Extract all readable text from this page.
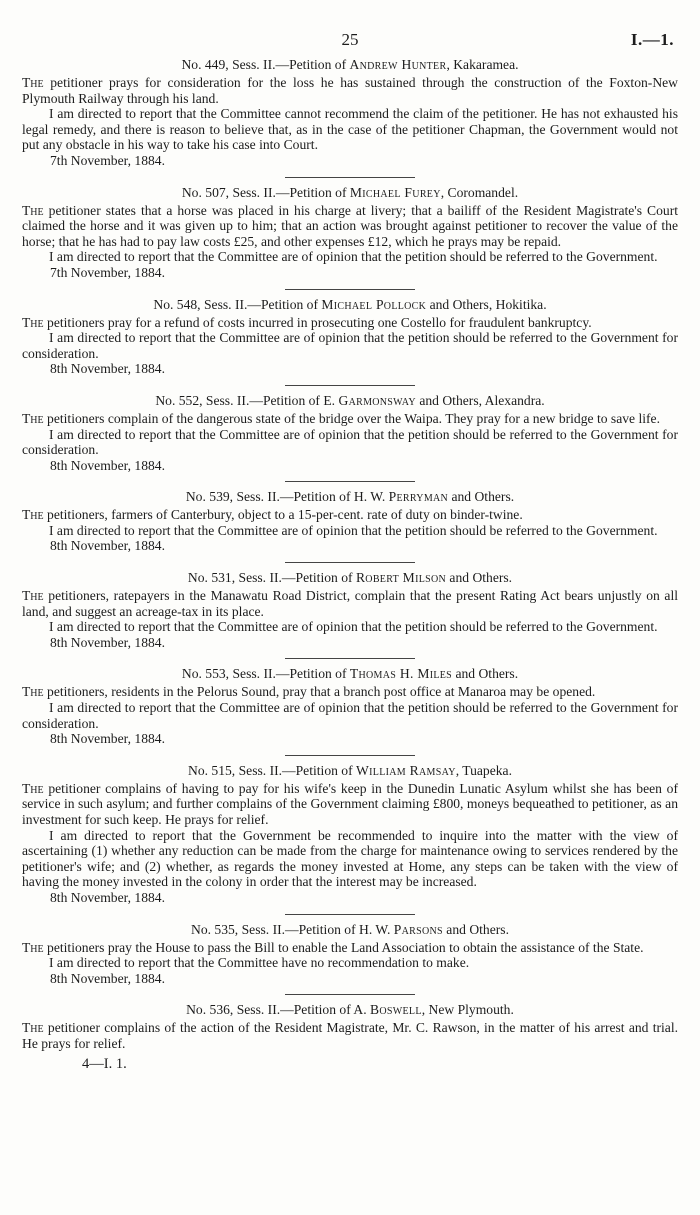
25	I.—1.
No. 449, Sess. II.—Petition of Andrew Hunter, Kakaramea.

The petitioner prays for consideration for the loss he has sustained through the construction of the Foxton-New Plymouth Railway through his land.

I am directed to report that the Committee cannot recommend the claim of the petitioner. He has not exhausted his legal remedy, and there is reason to believe that, as in the case of the petitioner Chapman, the Government would not put any obstacle in his way to take his case into Court.

7th November, 1884.

No. 507, Sess. II.—Petition of Michael Furey, Coromandel.

The petitioner states that a horse was placed in his charge at livery; that a bailiff of the Resident Magistrate's Court claimed the horse and it was given up to him; that an action was brought against petitioner to recover the value of the horse; that he has had to pay law costs £25, and other expenses £12, which he prays may be repaid.

I am directed to report that the Committee are of opinion that the petition should be referred to the Government.

7th November, 1884.

No. 548, Sess. II.—Petition of Michael Pollock and Others, Hokitika.

The petitioners pray for a refund of costs incurred in prosecuting one Costello for fraudulent bankruptcy.

I am directed to report that the Committee are of opinion that the petition should be referred to the Government for consideration.

8th November, 1884.

No. 552, Sess. II.—Petition of E. Garmonsway and Others, Alexandra.

The petitioners complain of the dangerous state of the bridge over the Waipa. They pray for a new bridge to save life.

I am directed to report that the Committee are of opinion that the petition should be referred to the Government for consideration.

8th November, 1884.

No. 539, Sess. II.—Petition of H. W. Perryman and Others.

The petitioners, farmers of Canterbury, object to a 15-per-cent. rate of duty on binder-twine.

I am directed to report that the Committee are of opinion that the petition should be referred to the Government.

8th November, 1884.

No. 531, Sess. II.—Petition of Robert Milson and Others.

The petitioners, ratepayers in the Manawatu Road District, complain that the present Rating Act bears unjustly on all land, and suggest an acreage-tax in its place.

I am directed to report that the Committee are of opinion that the petition should be referred to the Government.

8th November, 1884.

No. 553, Sess. II.—Petition of Thomas H. Miles and Others.

The petitioners, residents in the Pelorus Sound, pray that a branch post office at Manaroa may be opened.

I am directed to report that the Committee are of opinion that the petition should be referred to the Government for consideration.

8th November, 1884.

No. 515, Sess. II.—Petition of William Ramsay, Tuapeka.

The petitioner complains of having to pay for his wife's keep in the Dunedin Lunatic Asylum whilst she has been of service in such asylum; and further complains of the Government claiming £800, moneys bequeathed to petitioner, as an investment for such keep. He prays for relief.

I am directed to report that the Government be recommended to inquire into the matter with the view of ascertaining (1) whether any reduction can be made from the charge for maintenance owing to services rendered by the petitioner's wife; and (2) whether, as regards the money invested at Home, any steps can be taken with the view of having the money invested in the colony in order that the interest may be increased.

8th November, 1884.

No. 535, Sess. II.—Petition of H. W. Parsons and Others.

The petitioners pray the House to pass the Bill to enable the Land Association to obtain the assistance of the State.

I am directed to report that the Committee have no recommendation to make.

8th November, 1884.

No. 536, Sess. II.—Petition of A. Boswell, New Plymouth.

The petitioner complains of the action of the Resident Magistrate, Mr. C. Rawson, in the matter of his arrest and trial. He prays for relief.

4—I. 1.
